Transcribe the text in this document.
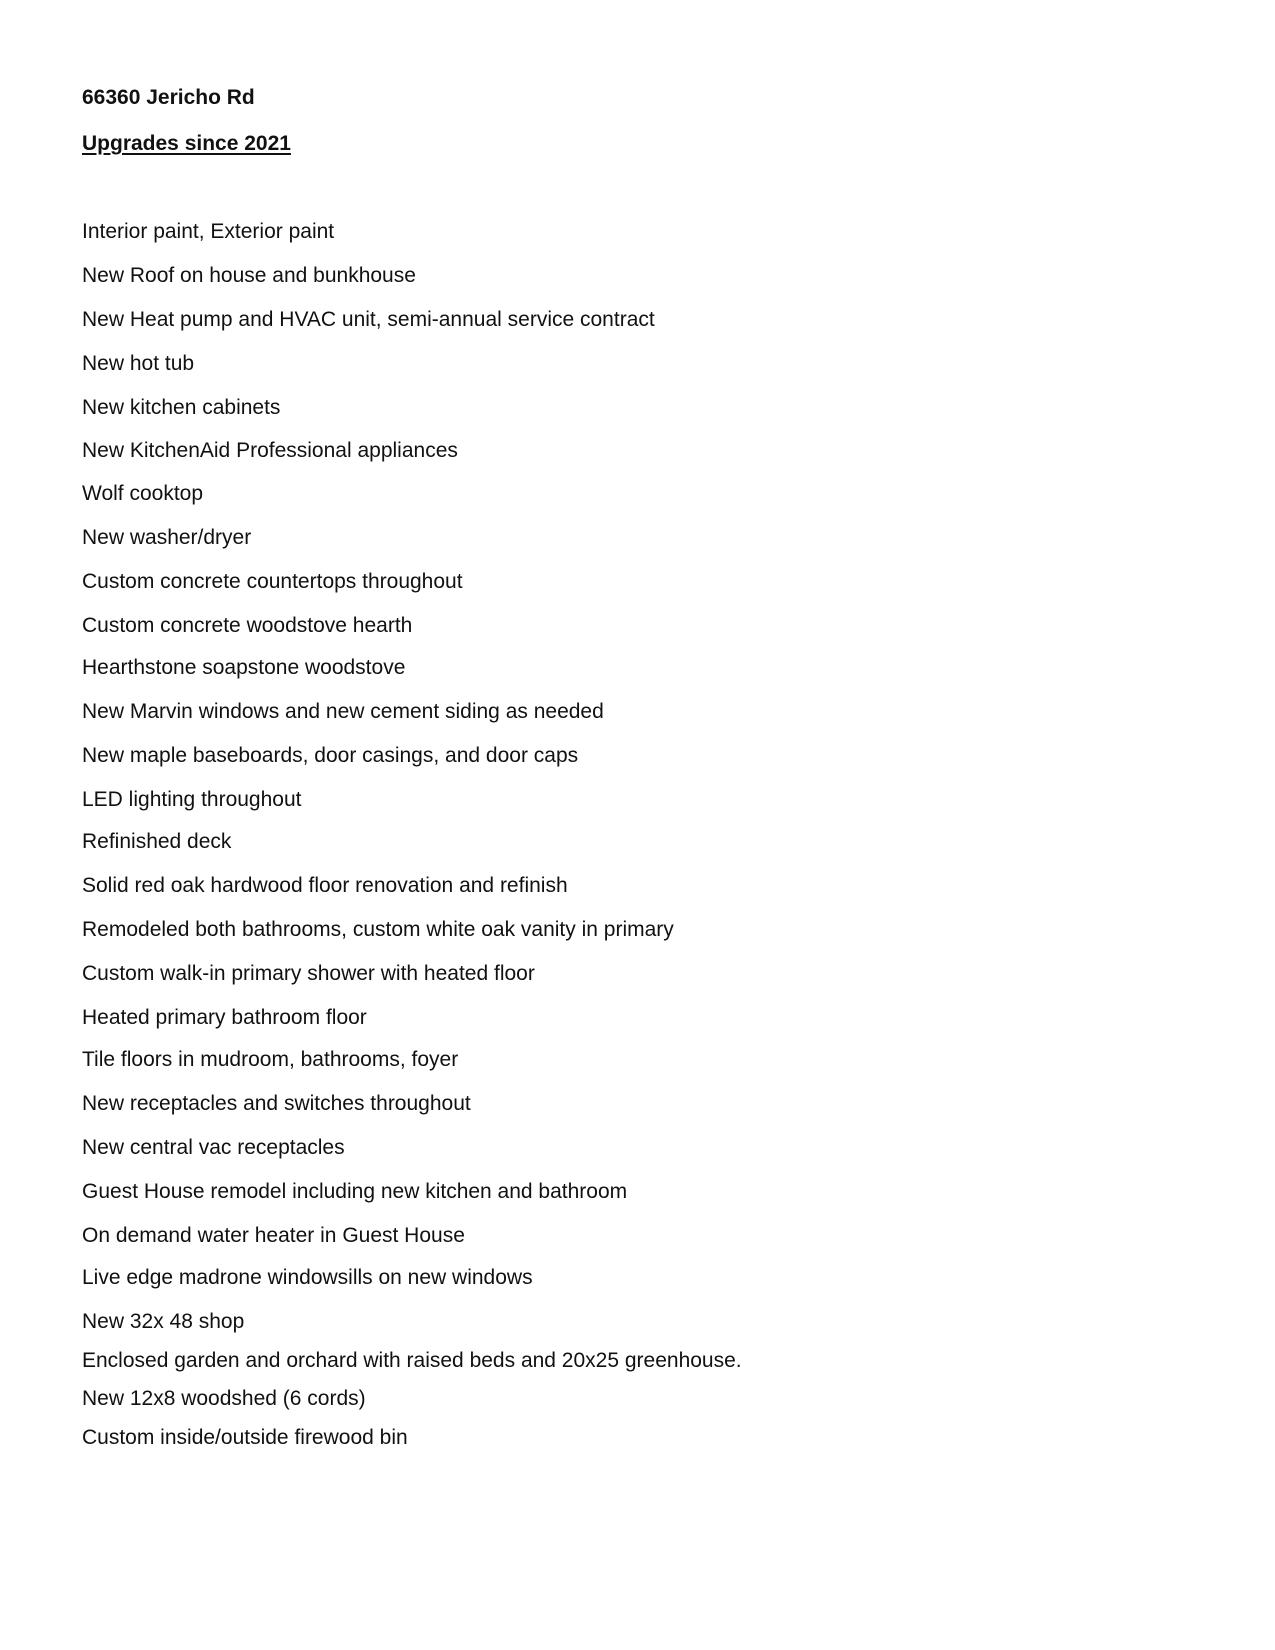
66360 Jericho Rd
Upgrades since 2021
Interior paint, Exterior paint
New Roof on house and bunkhouse
New Heat pump and HVAC unit, semi-annual service contract
New hot tub
New kitchen cabinets
New KitchenAid Professional appliances
Wolf cooktop
New washer/dryer
Custom concrete countertops throughout
Custom concrete woodstove hearth
Hearthstone soapstone woodstove
New Marvin windows and new cement siding as needed
New maple baseboards, door casings, and door caps
LED lighting throughout
Refinished deck
Solid red oak hardwood floor renovation and refinish
Remodeled both bathrooms, custom white oak vanity in primary
Custom walk-in primary shower with heated floor
Heated primary bathroom floor
Tile floors in mudroom, bathrooms, foyer
New receptacles and switches throughout
New central vac receptacles
Guest House remodel including new kitchen and bathroom
On demand water heater in Guest House
Live edge madrone windowsills on new windows
New 32x 48 shop
Enclosed garden and orchard with raised beds and 20x25 greenhouse.
New 12x8 woodshed (6 cords)
Custom inside/outside firewood bin
